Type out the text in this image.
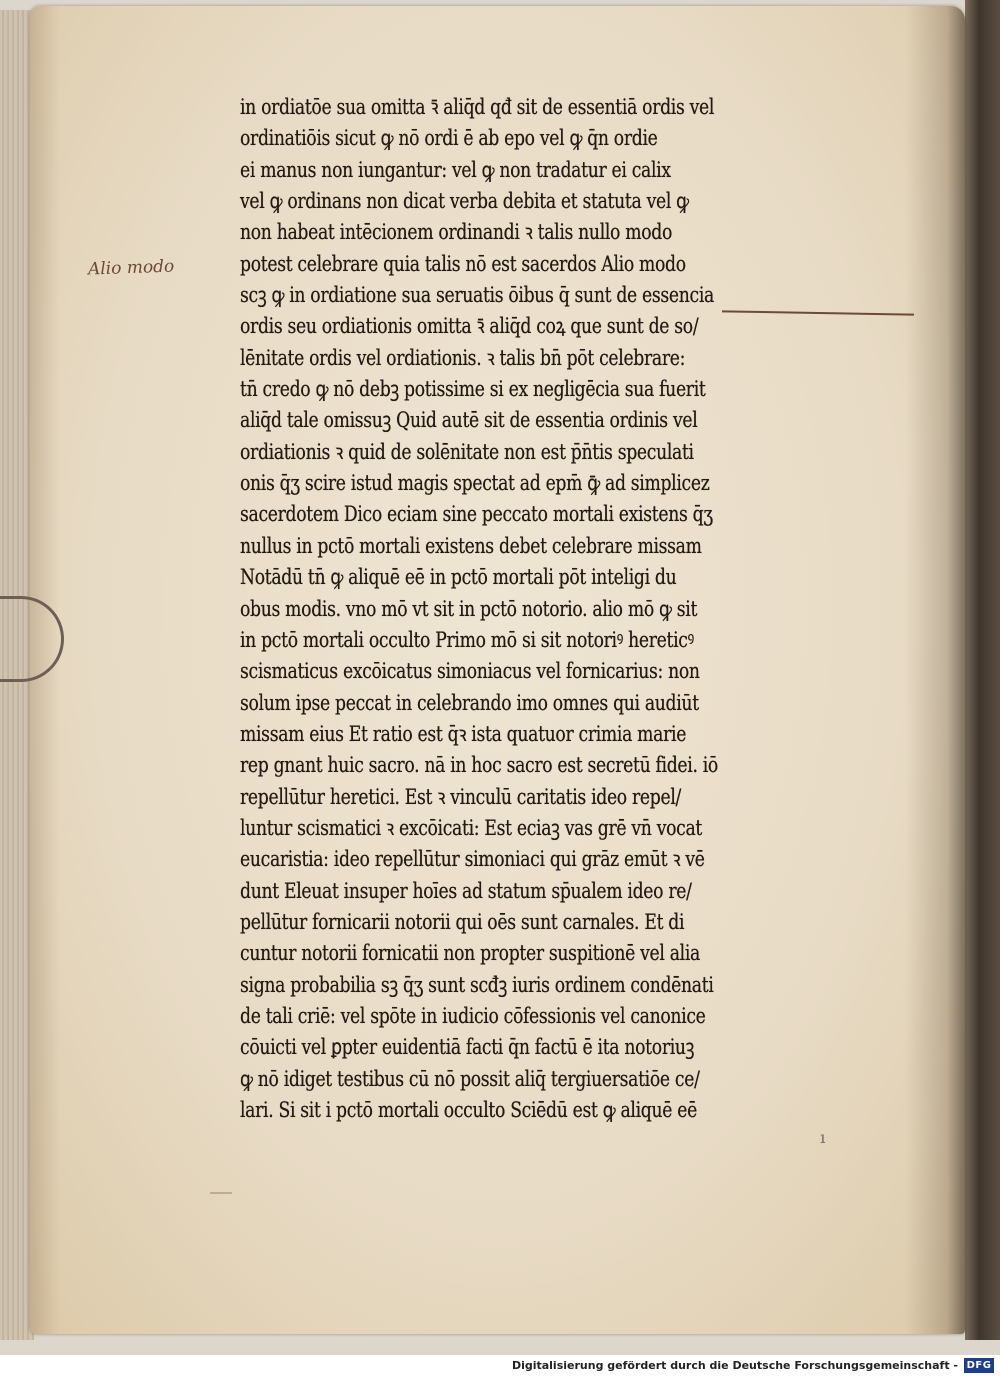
Alio modo
in ordiatōe sua omitta ꝛ̄ aliq̄d qđ sit de essentiā ordis vel
ordinatiōis sicut ꝙ nō ordi ē ab epo vel ꝙ q̄n ordie
ei manus non iungantur: vel ꝙ non tradatur ei calix
vel ꝙ ordinans non dicat verba debita et statuta vel ꝙ
non habeat intēcionem ordinandi ꝛ talis nullo modo
potest celebrare quia talis nō est sacerdos Alio modo
scꝫ ꝙ in ordiatione sua seruatis ōibus q̄ sunt de essencia
ordis seu ordiationis omitta ꝛ̄ aliq̄d coꝝ que sunt de so/
lēnitate ordis vel ordiationis. ꝛ talis bn̄ pōt celebrare:
tn̄ credo ꝙ nō debꝫ potissime si ex negligēcia sua fuerit
aliq̄d tale omissuꝫ Quid autē sit de essentia ordinis vel
ordiationis ꝛ quid de solēnitate non est p̄n̄tis speculati
onis q̄ʒ scire istud magis spectat ad epm̄ ꝙ̄ ad simplicez
sacerdotem Dico eciam sine peccato mortali existens q̄ʒ
nullus in pctō mortali existens debet celebrare missam
Notādū tn̄ ꝙ aliquē eē in pctō mortali pōt inteligi du
obus modis. vno mō vt sit in pctō notorio. alio mō ꝙ sit
in pctō mortali occulto Primo mō si sit notoriꝰ hereticꝰ
scismaticus excōicatus simoniacus vel fornicarius: non
solum ipse peccat in celebrando imo omnes qui audiūt
missam eius Et ratio est q̄ꝛ ista quatuor crimia marie
rep gnant huic sacro. nā in hoc sacro est secretū fidei. iō
repellūtur heretici. Est ꝛ vinculū caritatis ideo repel/
luntur scismatici ꝛ excōicati: Est eciaꝫ vas grē vn̄ vocat
eucaristia: ideo repellūtur simoniaci qui grāz emūt ꝛ vē
dunt Eleuat insuper hoīes ad statum sp̄ualem ideo re/
pellūtur fornicarii notorii qui oēs sunt carnales. Et di
cuntur notorii fornicatii non propter suspitionē vel alia
signa probabilia sꝫ q̄ʒ sunt scđꝫ iuris ordinem condēnati
de tali criē: vel spōte in iudicio cōfessionis vel canonice
cōuicti vel ꝑpter euidentiā facti q̄n factū ē ita notoriuꝫ
ꝙ nō idiget testibus cū nō possit aliq̄ tergiuersatiōe ce/
lari. Si sit i pctō mortali occulto Sciēdū est ꝙ aliquē eē
ı
Digitalisierung gefördert durch die Deutsche Forschungsgemeinschaft - DFG
